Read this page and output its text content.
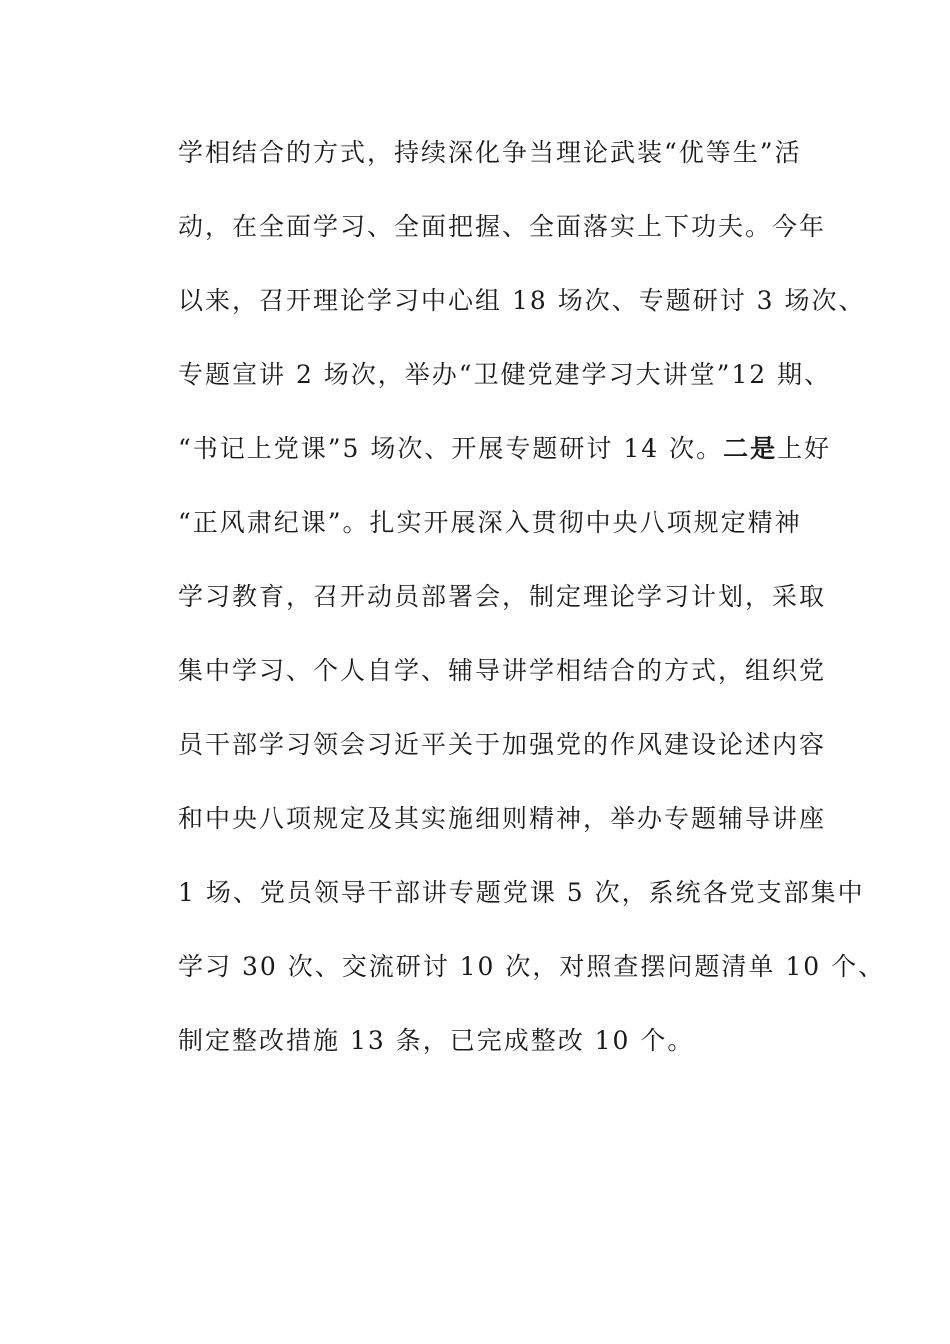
学相结合的方式，持续深化争当理论武装“优等生”活
动，在全面学习、全面把握、全面落实上下功夫。今年
以来，召开理论学习中心组 18 场次、专题研讨 3 场次、
专题宣讲 2 场次，举办“卫健党建学习大讲堂”12 期、
“书记上党课”5 场次、开展专题研讨 14 次。二是上好
“正风肃纪课”。扎实开展深入贯彻中央八项规定精神
学习教育，召开动员部署会，制定理论学习计划，采取
集中学习、个人自学、辅导讲学相结合的方式，组织党
员干部学习领会习近平关于加强党的作风建设论述内容
和中央八项规定及其实施细则精神，举办专题辅导讲座
1 场、党员领导干部讲专题党课 5 次，系统各党支部集中
学习 30 次、交流研讨 10 次，对照查摆问题清单 10 个、
制定整改措施 13 条，已完成整改 10 个。
